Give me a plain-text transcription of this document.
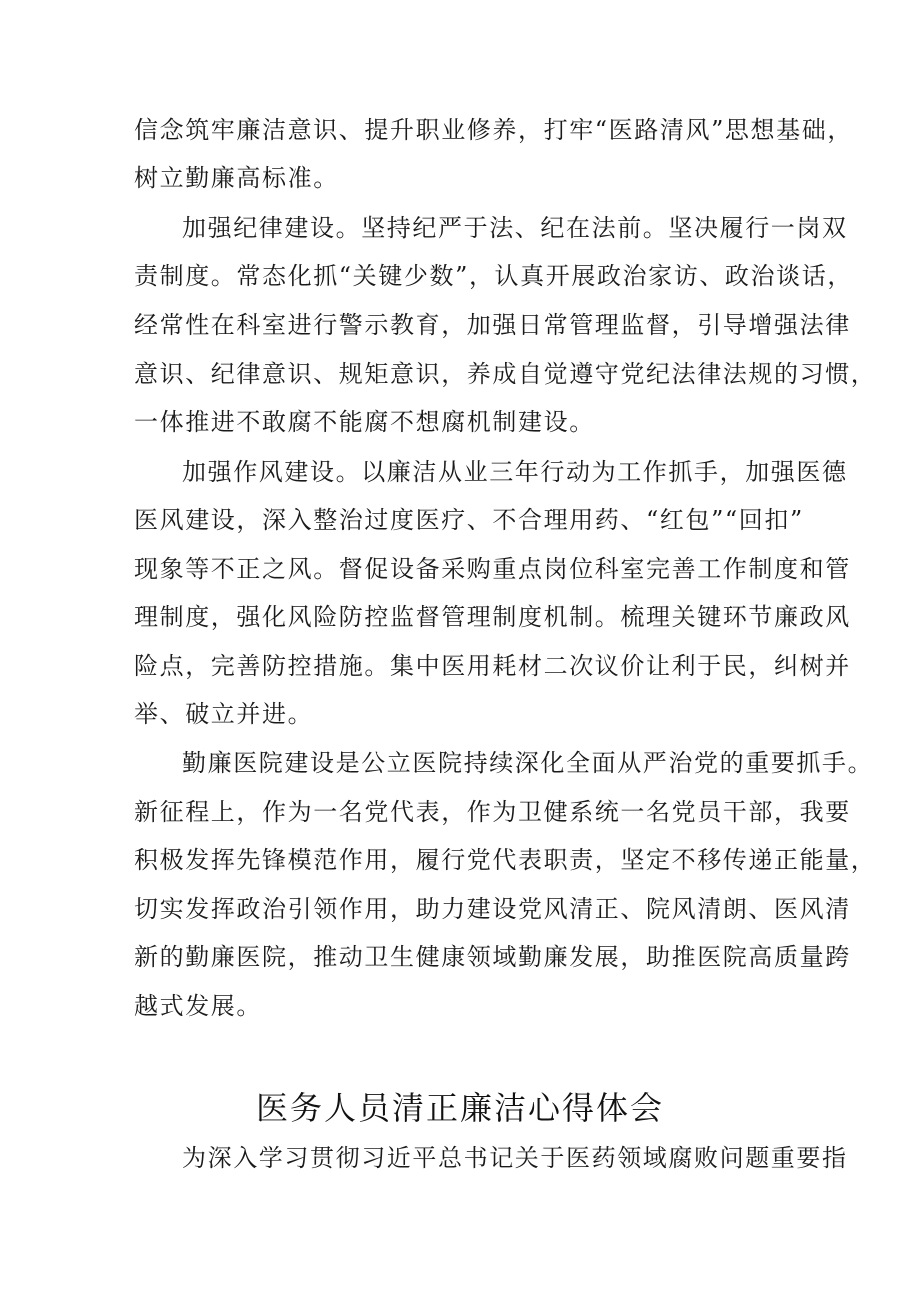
信念筑牢廉洁意识、提升职业修养，打牢“医路清风”思想基础，
树立勤廉高标准。
加强纪律建设。坚持纪严于法、纪在法前。坚决履行一岗双
责制度。常态化抓“关键少数”，认真开展政治家访、政治谈话，
经常性在科室进行警示教育，加强日常管理监督，引导增强法律
意识、纪律意识、规矩意识，养成自觉遵守党纪法律法规的习惯，
一体推进不敢腐不能腐不想腐机制建设。
加强作风建设。以廉洁从业三年行动为工作抓手，加强医德
医风建设，深入整治过度医疗、不合理用药、“红包”“回扣”
现象等不正之风。督促设备采购重点岗位科室完善工作制度和管
理制度，强化风险防控监督管理制度机制。梳理关键环节廉政风
险点，完善防控措施。集中医用耗材二次议价让利于民，纠树并
举、破立并进。
勤廉医院建设是公立医院持续深化全面从严治党的重要抓手。
新征程上，作为一名党代表，作为卫健系统一名党员干部，我要
积极发挥先锋模范作用，履行党代表职责，坚定不移传递正能量，
切实发挥政治引领作用，助力建设党风清正、院风清朗、医风清
新的勤廉医院，推动卫生健康领域勤廉发展，助推医院高质量跨
越式发展。
医务人员清正廉洁心得体会
为深入学习贯彻习近平总书记关于医药领域腐败问题重要指
